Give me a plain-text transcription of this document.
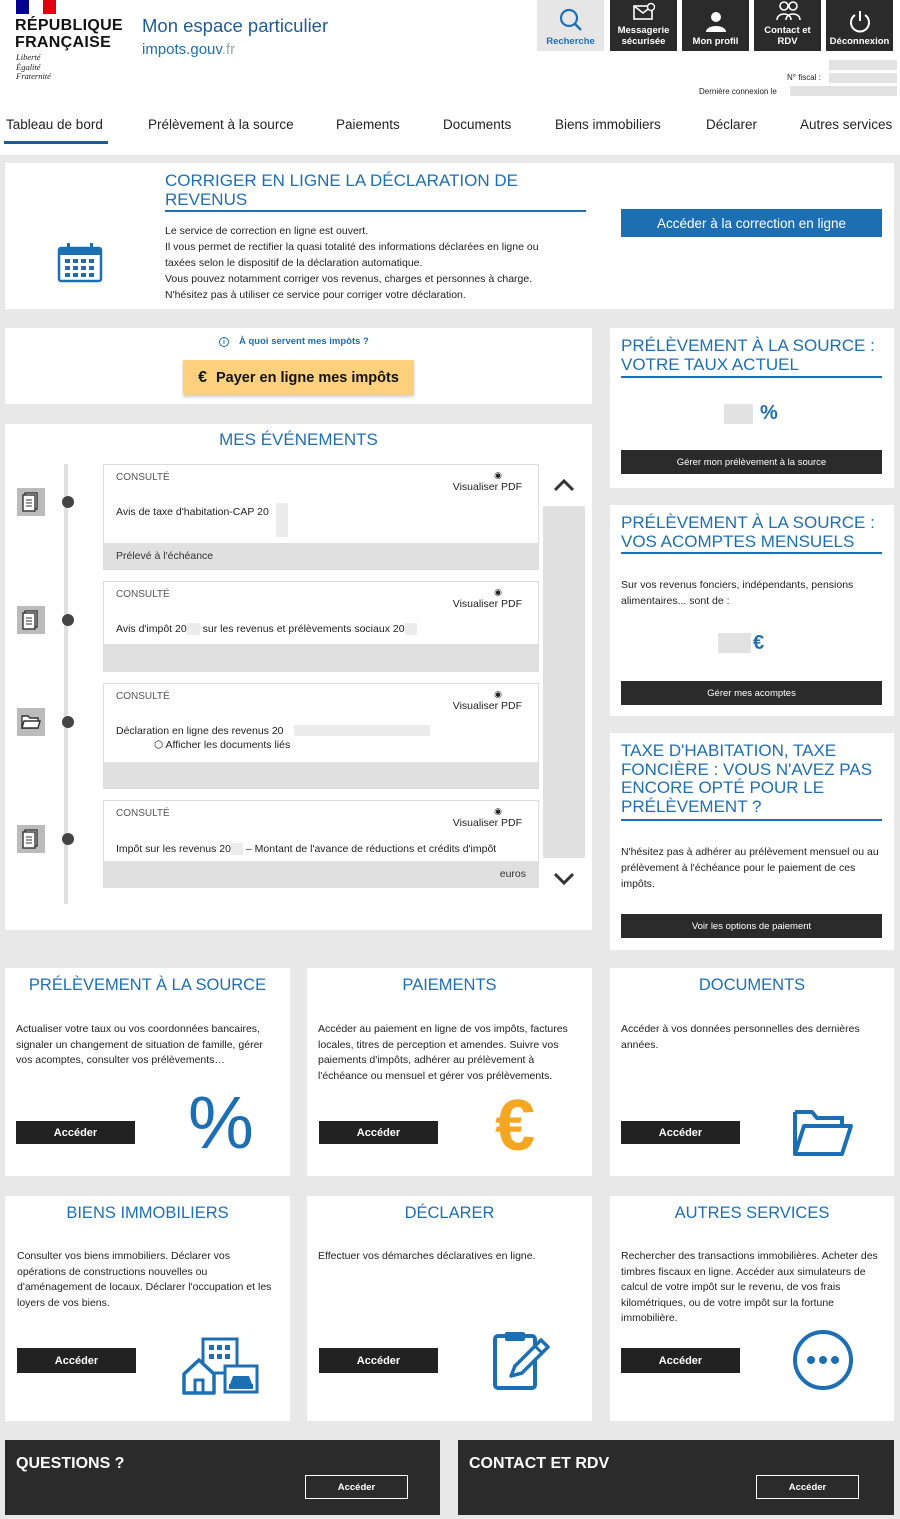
RÉPUBLIQUE
FRANÇAISE
Liberté
Égalité
Fraternité
Mon espace particulier
impots.gouv.fr	Recherche
Messagerie
sécurisée	Mon profil
Contact et
RDV	Déconnexion
N° fiscal :
Dernière connexion le
Tableau de bord	Prélèvement à la source	Paiements	Documents	Biens immobiliers	Déclarer	Autres services
CORRIGER EN LIGNE LA DÉCLARATION DE REVENUS
Le service de correction en ligne est ouvert.
Il vous permet de rectifier la quasi totalité des informations déclarées en ligne ou
taxées selon le dispositif de la déclaration automatique.
Vous pouvez notamment corriger vos revenus, charges et personnes à charge.
N'hésitez pas à utiliser ce service pour corriger votre déclaration.
Accéder à la correction en ligne
i	À quoi servent mes impôts ?
€ Payer en ligne mes impôts
MES ÉVÉNEMENTS
CONSULTÉ	◉
Visualiser PDF
Avis de taxe d'habitation-CAP 20
Prélevé à l'échéance
CONSULTÉ	◉
Visualiser PDF
Avis d'impôt 20 sur les revenus et prélèvements sociaux 20
CONSULTÉ	◉
Visualiser PDF
Déclaration en ligne des revenus 20
⬡ Afficher les documents liés
CONSULTÉ	◉
Visualiser PDF
Impôt sur les revenus 20 – Montant de l'avance de réductions et crédits d'impôt
euros
PRÉLÈVEMENT À LA SOURCE : VOTRE TAUX ACTUEL
%
Gérer mon prélèvement à la source
PRÉLÈVEMENT À LA SOURCE : VOS ACOMPTES MENSUELS
Sur vos revenus fonciers, indépendants, pensions alimentaires... sont de :
€
Gérer mes acomptes
TAXE D'HABITATION, TAXE FONCIÈRE : VOUS N'AVEZ PAS ENCORE OPTÉ POUR LE PRÉLÈVEMENT ?
N'hésitez pas à adhérer au prélèvement mensuel ou au prélèvement à l'échéance pour le paiement de ces impôts.
Voir les options de paiement
PRÉLÈVEMENT À LA SOURCE
Actualiser votre taux ou vos coordonnées bancaires, signaler un changement de situation de famille, gérer vos acomptes, consulter vos prélèvements…
Accéder	%
PAIEMENTS
Accéder au paiement en ligne de vos impôts, factures locales, titres de perception et amendes. Suivre vos paiements d'impôts, adhérer au prélèvement à l'échéance ou mensuel et gérer vos prélèvements.
Accéder	€
DOCUMENTS
Accéder à vos données personnelles des dernières années.
Accéder
BIENS IMMOBILIERS
Consulter vos biens immobiliers. Déclarer vos opérations de constructions nouvelles ou d'aménagement de locaux. Déclarer l'occupation et les loyers de vos biens.
Accéder
DÉCLARER
Effectuer vos démarches déclaratives en ligne.
Accéder
AUTRES SERVICES
Rechercher des transactions immobilières. Acheter des timbres fiscaux en ligne. Accéder aux simulateurs de calcul de votre impôt sur le revenu, de vos frais kilométriques, ou de votre impôt sur la fortune immobilière.
Accéder
QUESTIONS ?
Accéder
CONTACT ET RDV
Accéder
